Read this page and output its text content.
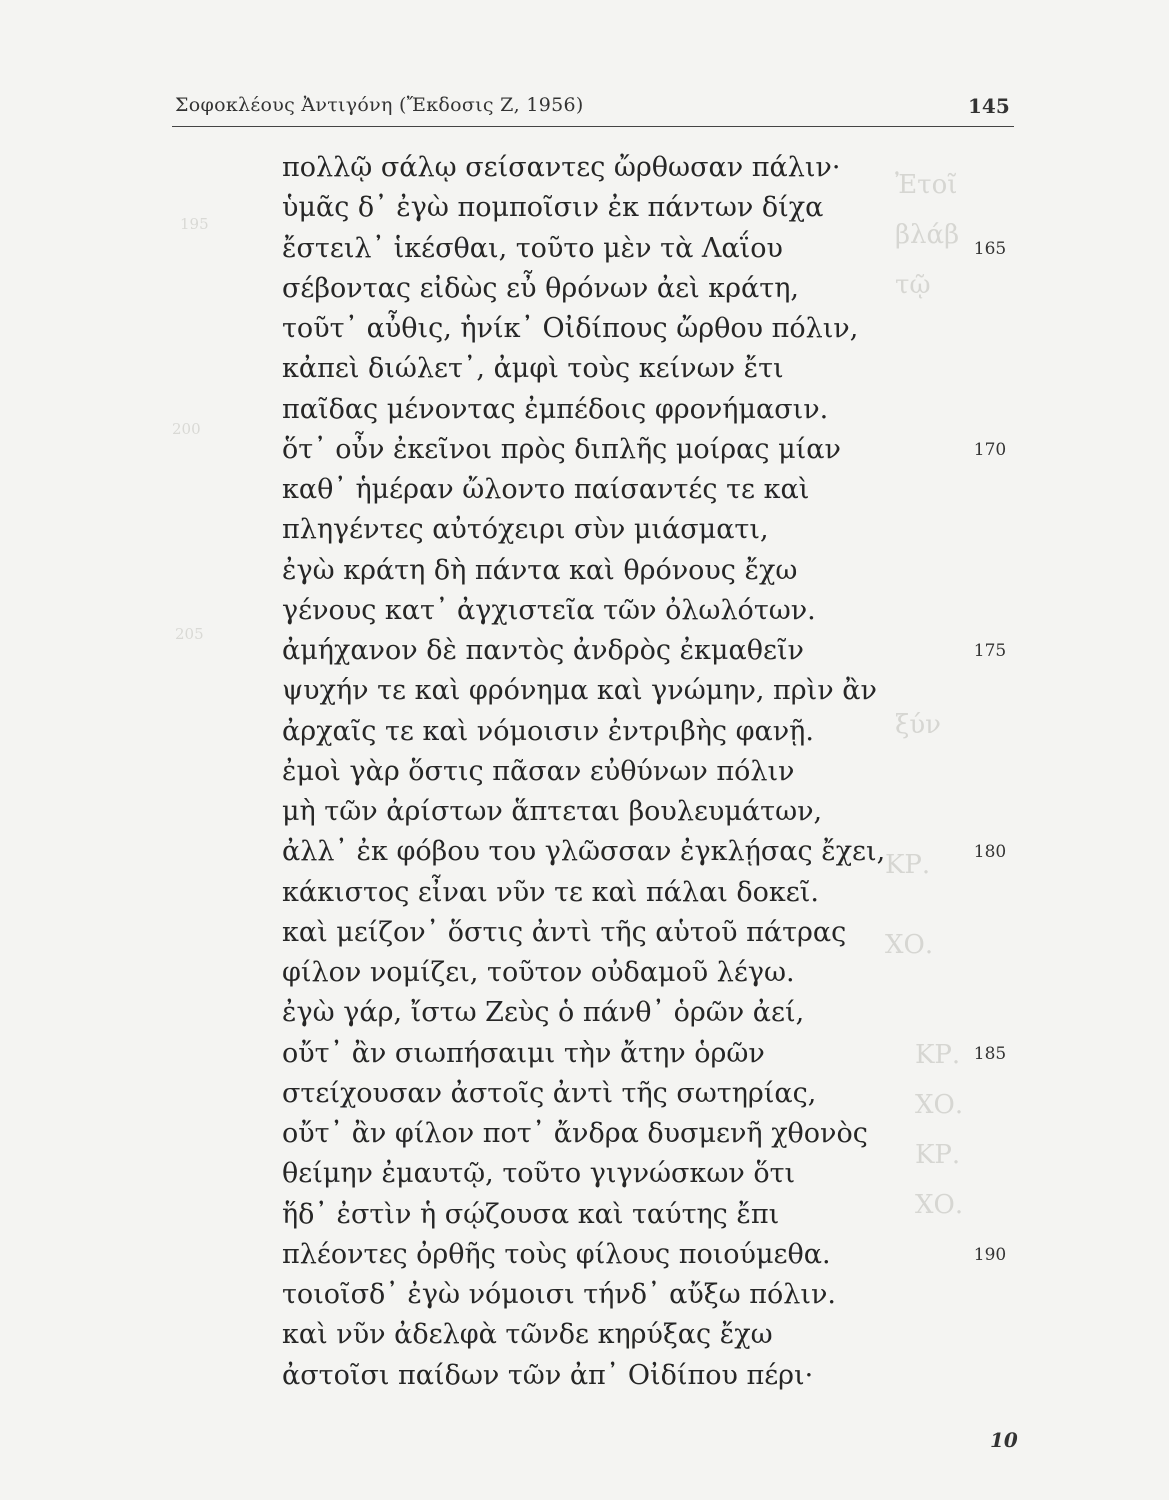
Ἐτοῖ
βλάβ
τῷ
ξύν
ΚΡ.
ΧΟ.
ΚΡ.
ΧΟ.
ΚΡ.
ΧΟ.
195
200
205
Σοφοκλέους Ἀντιγόνη (Ἔκδοσις Ζ, 1956)	145
πολλῷ σάλῳ σείσαντες ὤρθωσαν πάλιν·
ὑμᾶς δ᾽ ἐγὼ πομποῖσιν ἐκ πάντων δίχα
ἔστειλ᾽ ἱκέσθαι, τοῦτο μὲν τὰ Λαΐου
σέβοντας εἰδὼς εὖ θρόνων ἀεὶ κράτη,
τοῦτ᾽ αὖθις, ἡνίκ᾽ Οἰδίπους ὤρθου πόλιν,
κἀπεὶ διώλετ᾽, ἀμφὶ τοὺς κείνων ἔτι
παῖδας μένοντας ἐμπέδοις φρονήμασιν.
ὅτ᾽ οὖν ἐκεῖνοι πρὸς διπλῆς μοίρας μίαν
καθ᾽ ἡμέραν ὤλοντο παίσαντές τε καὶ
πληγέντες αὐτόχειρι σὺν μιάσματι,
ἐγὼ κράτη δὴ πάντα καὶ θρόνους ἔχω
γένους κατ᾽ ἀγχιστεῖα τῶν ὀλωλότων.
ἀμήχανον δὲ παντὸς ἀνδρὸς ἐκμαθεῖν
ψυχήν τε καὶ φρόνημα καὶ γνώμην, πρὶν ἂν
ἀρχαῖς τε καὶ νόμοισιν ἐντριβὴς φανῇ.
ἐμοὶ γὰρ ὅστις πᾶσαν εὐθύνων πόλιν
μὴ τῶν ἀρίστων ἅπτεται βουλευμάτων,
ἀλλ᾽ ἐκ φόβου του γλῶσσαν ἐγκλῄσας ἔχει,
κάκιστος εἶναι νῦν τε καὶ πάλαι δοκεῖ.
καὶ μείζον᾽ ὅστις ἀντὶ τῆς αὑτοῦ πάτρας
φίλον νομίζει, τοῦτον οὐδαμοῦ λέγω.
ἐγὼ γάρ, ἴστω Ζεὺς ὁ πάνθ᾽ ὁρῶν ἀεί,
οὔτ᾽ ἂν σιωπήσαιμι τὴν ἄτην ὁρῶν
στείχουσαν ἀστοῖς ἀντὶ τῆς σωτηρίας,
οὔτ᾽ ἂν φίλον ποτ᾽ ἄνδρα δυσμενῆ χθονὸς
θείμην ἐμαυτῷ, τοῦτο γιγνώσκων ὅτι
ἥδ᾽ ἐστὶν ἡ σῴζουσα καὶ ταύτης ἔπι
πλέοντες ὀρθῆς τοὺς φίλους ποιούμεθα.
τοιοῖσδ᾽ ἐγὼ νόμοισι τήνδ᾽ αὔξω πόλιν.
καὶ νῦν ἀδελφὰ τῶνδε κηρύξας ἔχω
ἀστοῖσι παίδων τῶν ἀπ᾽ Οἰδίπου πέρι·
165
170
175
180
185
190
10
